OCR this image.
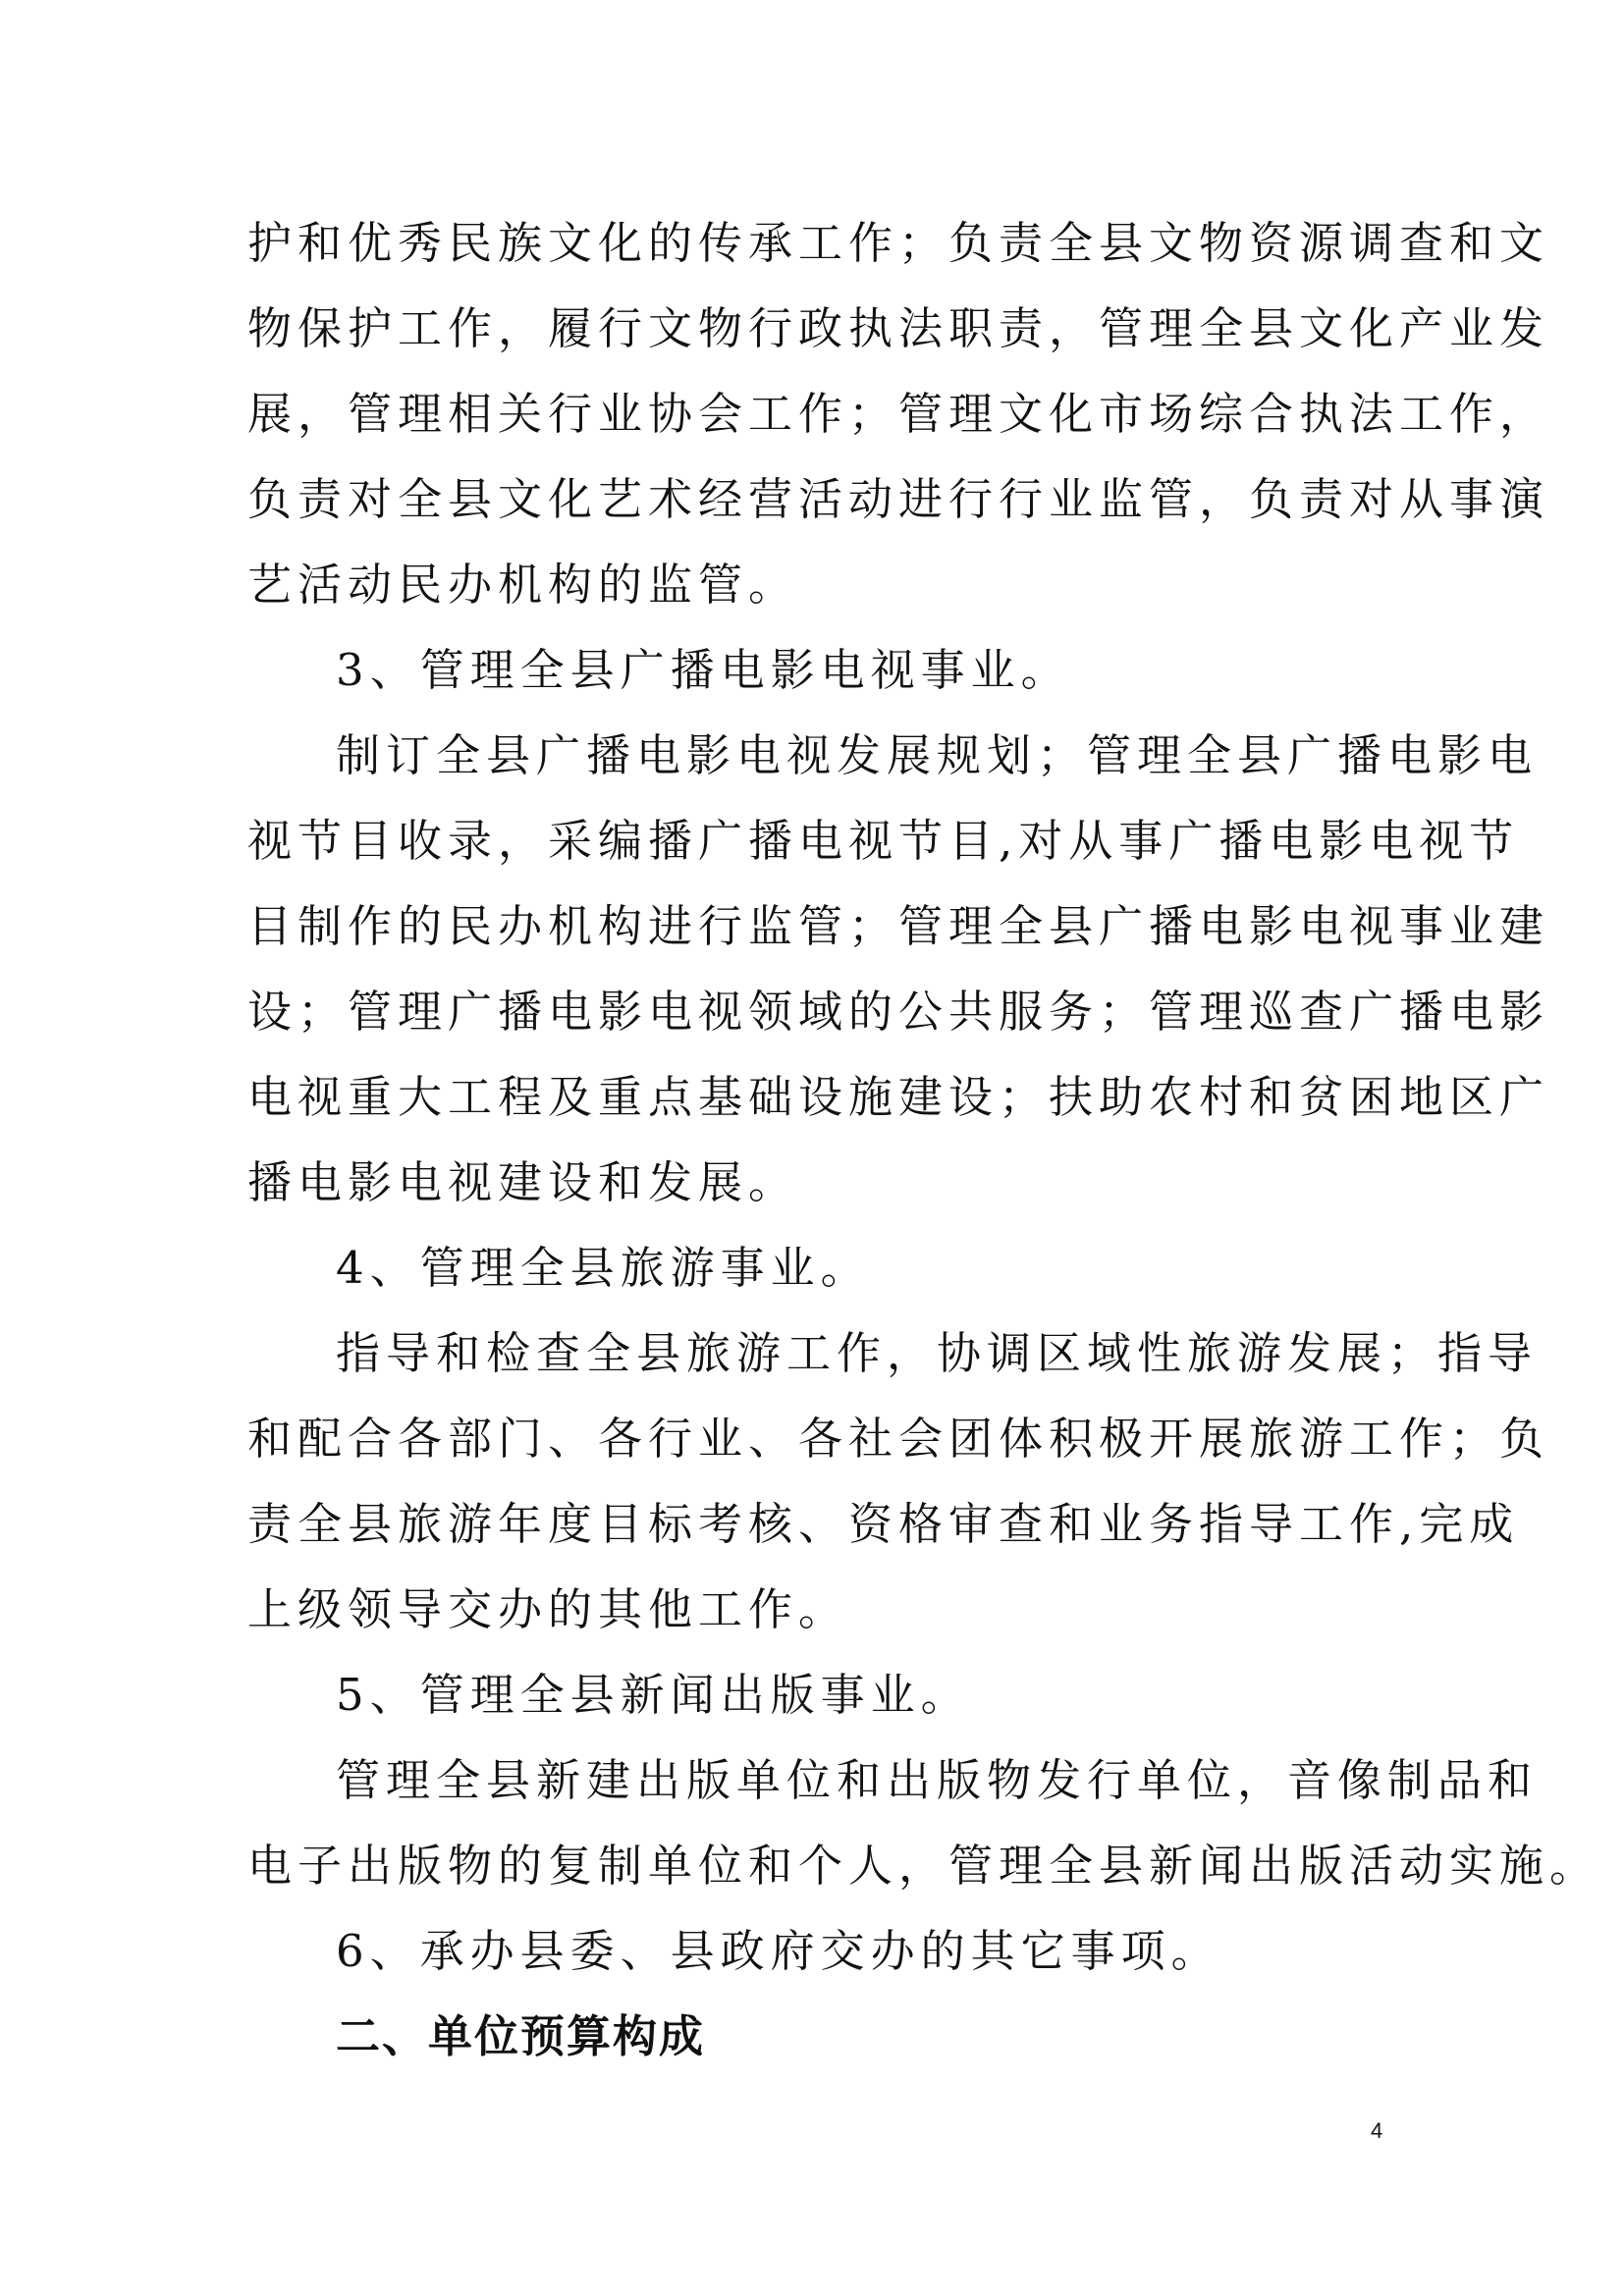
护和优秀民族文化的传承工作；负责全县文物资源调查和文
物保护工作，履行文物行政执法职责，管理全县文化产业发
展，管理相关行业协会工作；管理文化市场综合执法工作，
负责对全县文化艺术经营活动进行行业监管，负责对从事演
艺活动民办机构的监管。
3、管理全县广播电影电视事业。
制订全县广播电影电视发展规划；管理全县广播电影电
视节目收录，采编播广播电视节目,对从事广播电影电视节
目制作的民办机构进行监管；管理全县广播电影电视事业建
设；管理广播电影电视领域的公共服务；管理巡查广播电影
电视重大工程及重点基础设施建设；扶助农村和贫困地区广
播电影电视建设和发展。
4、管理全县旅游事业。
指导和检查全县旅游工作，协调区域性旅游发展；指导
和配合各部门、各行业、各社会团体积极开展旅游工作；负
责全县旅游年度目标考核、资格审查和业务指导工作,完成
上级领导交办的其他工作。
5、管理全县新闻出版事业。
管理全县新建出版单位和出版物发行单位，音像制品和
电子出版物的复制单位和个人，管理全县新闻出版活动实施。
6、承办县委、县政府交办的其它事项。
二、单位预算构成
4
